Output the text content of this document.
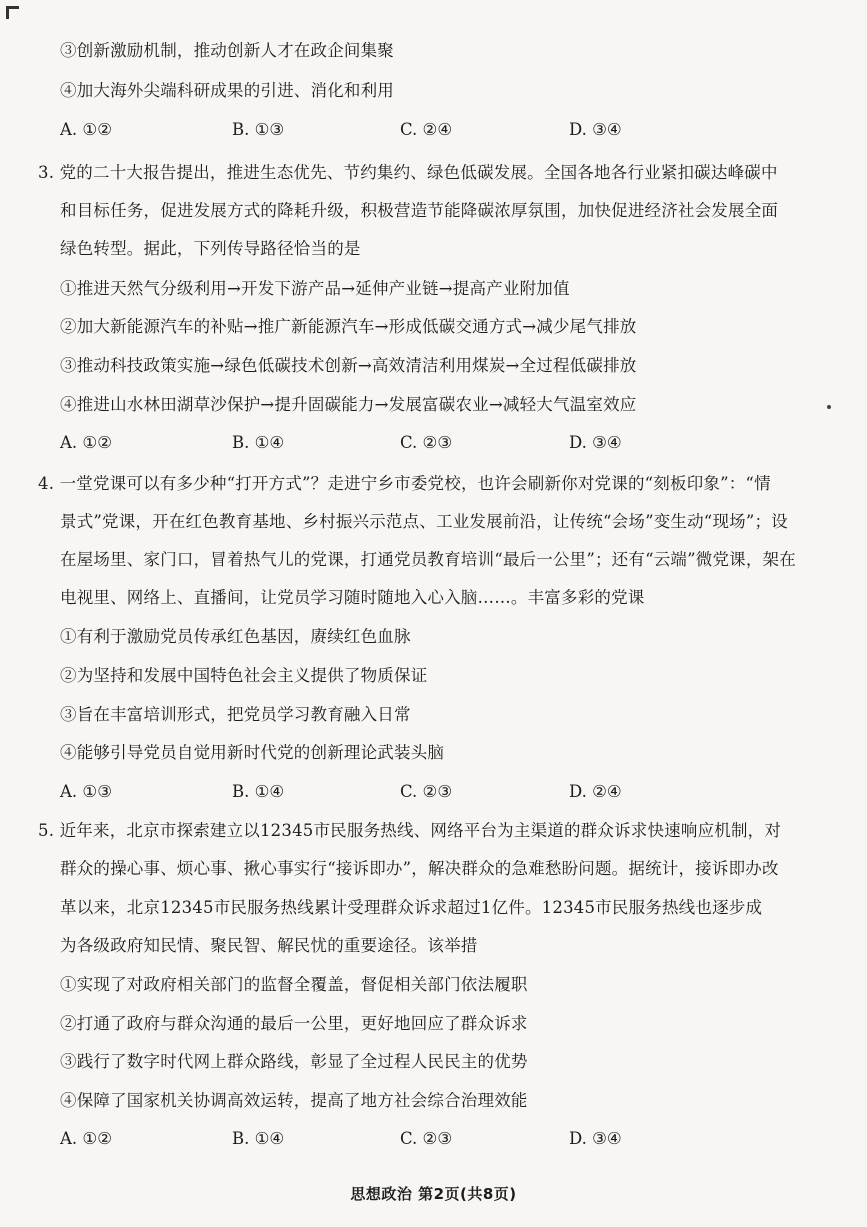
③创新激励机制，推动创新人才在政企间集聚
④加大海外尖端科研成果的引进、消化和利用
A. ①②	B. ①③	C. ②④	D. ③④
3. 党的二十大报告提出，推进生态优先、节约集约、绿色低碳发展。全国各地各行业紧扣碳达峰碳中
和目标任务，促进发展方式的降耗升级，积极营造节能降碳浓厚氛围，加快促进经济社会发展全面
绿色转型。据此，下列传导路径恰当的是
①推进天然气分级利用→开发下游产品→延伸产业链→提高产业附加值
②加大新能源汽车的补贴→推广新能源汽车→形成低碳交通方式→减少尾气排放
③推动科技政策实施→绿色低碳技术创新→高效清洁利用煤炭→全过程低碳排放
④推进山水林田湖草沙保护→提升固碳能力→发展富碳农业→减轻大气温室效应
A. ①②	B. ①④	C. ②③	D. ③④
4. 一堂党课可以有多少种“打开方式”？走进宁乡市委党校，也许会刷新你对党课的“刻板印象”：“情
景式”党课，开在红色教育基地、乡村振兴示范点、工业发展前沿，让传统“会场”变生动“现场”；设
在屋场里、家门口，冒着热气儿的党课，打通党员教育培训“最后一公里”；还有“云端”微党课，架在
电视里、网络上、直播间，让党员学习随时随地入心入脑……。丰富多彩的党课
①有利于激励党员传承红色基因，赓续红色血脉
②为坚持和发展中国特色社会主义提供了物质保证
③旨在丰富培训形式，把党员学习教育融入日常
④能够引导党员自觉用新时代党的创新理论武装头脑
A. ①③	B. ①④	C. ②③	D. ②④
5. 近年来，北京市探索建立以12345市民服务热线、网络平台为主渠道的群众诉求快速响应机制，对
群众的操心事、烦心事、揪心事实行“接诉即办”，解决群众的急难愁盼问题。据统计，接诉即办改
革以来，北京12345市民服务热线累计受理群众诉求超过1亿件。12345市民服务热线也逐步成
为各级政府知民情、聚民智、解民忧的重要途径。该举措
①实现了对政府相关部门的监督全覆盖，督促相关部门依法履职
②打通了政府与群众沟通的最后一公里，更好地回应了群众诉求
③践行了数字时代网上群众路线，彰显了全过程人民民主的优势
④保障了国家机关协调高效运转，提高了地方社会综合治理效能
A. ①②	B. ①④	C. ②③	D. ③④
思想政治 第2页(共8页)
